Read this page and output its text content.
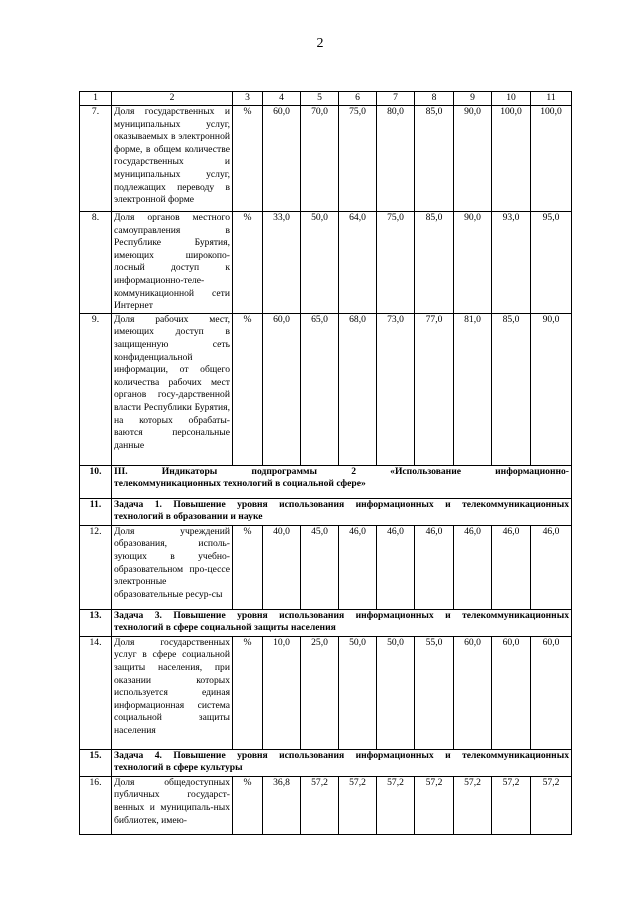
2
1	2	3	4	5	6	7	8	9	10	11
7.	Доля государственных и муниципальных услуг, оказываемых в электронной форме, в общем количестве государственных и муниципальных услуг, подлежащих переводу в электронной форме	%	60,0	70,0	75,0	80,0	85,0	90,0	100,0	100,0
8.	Доля органов местного самоуправления в Республике Бурятия, имеющих широкопо-лосный доступ к информационно-теле-коммуникационной сети Интернет	%	33,0	50,0	64,0	75,0	85,0	90,0	93,0	95,0
9.	Доля рабочих мест, имеющих доступ в защищенную сеть конфиденциальной информации, от общего количества рабочих мест органов госу-дарственной власти Республики Бурятия, на которых обрабаты-ваются персональные данные	%	60,0	65,0	68,0	73,0	77,0	81,0	85,0	90,0
10.	III. Индикаторы подпрограммы 2 «Использование информационно-
телекоммуникационных технологий в социальной сфере»									

11.	Задача 1. Повышение уровня использования информационных и телекоммуникационных
технологий в образовании и науке									

12.	Доля учреждений образования, исполь-зующих в учебно-образовательном про-цессе электронные образовательные ресур-сы	%	40,0	45,0	46,0	46,0	46,0	46,0	46,0	46,0
13.	Задача 3. Повышение уровня использования информационных и телекоммуникационных
технологий в сфере социальной защиты населения									

14.	Доля государственных услуг в сфере социальной защиты населения, при оказании которых используется единая информационная система социальной защиты населения	%	10,0	25,0	50,0	50,0	55,0	60,0	60,0	60,0
15.	Задача 4. Повышение уровня использования информационных и телекоммуникационных
технологий в сфере культуры									

16.	Доля общедоступных публичных государст-венных и муниципаль-ных библиотек, имею-	%	36,8	57,2	57,2	57,2	57,2	57,2	57,2	57,2
